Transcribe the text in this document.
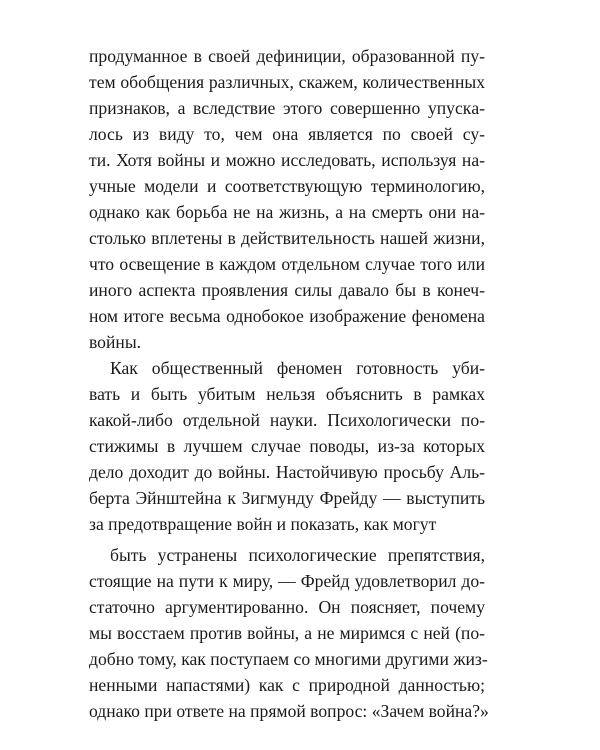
продуманное в своей дефиниции, образованной пу-
тем обобщения различных, скажем, количественных
признаков, а вследствие этого совершенно упускa-
лось из виду то, чем она является по своей су-
ти. Хотя войны и можно исследовать, используя на-
учные модели и соответствующую терминологию,
однако как борьба не на жизнь, а на смерть они на-
столько вплетены в действительность нашей жизни,
что освещение в каждом отдельном случае того или
иного аспекта проявления силы давало бы в конеч-
ном итоге весьма однобокое изображение феномена
войны.
Как общественный феномен готовность уби-
вать и быть убитым нельзя объяснить в рамках
какой-либо отдельной науки. Психологически по-
стижимы в лучшем случае поводы, из-за которых
дело доходит до войны. Настойчивую просьбу Аль-
берта Эйнштейна к Зигмунду Фрейду — выступить
за предотвращение войн и показать, как могут
быть устранены психологические препятствия,
стоящие на пути к миру, — Фрейд удовлетворил до-
статочно аргументированно. Он поясняет, почему
мы восстаем против войны, а не миримся с ней (по-
добно тому, как поступаем со многими другими жиз-
ненными напастями) как с природной данностью;
однако при ответе на прямой вопрос: «Зачем война?»
